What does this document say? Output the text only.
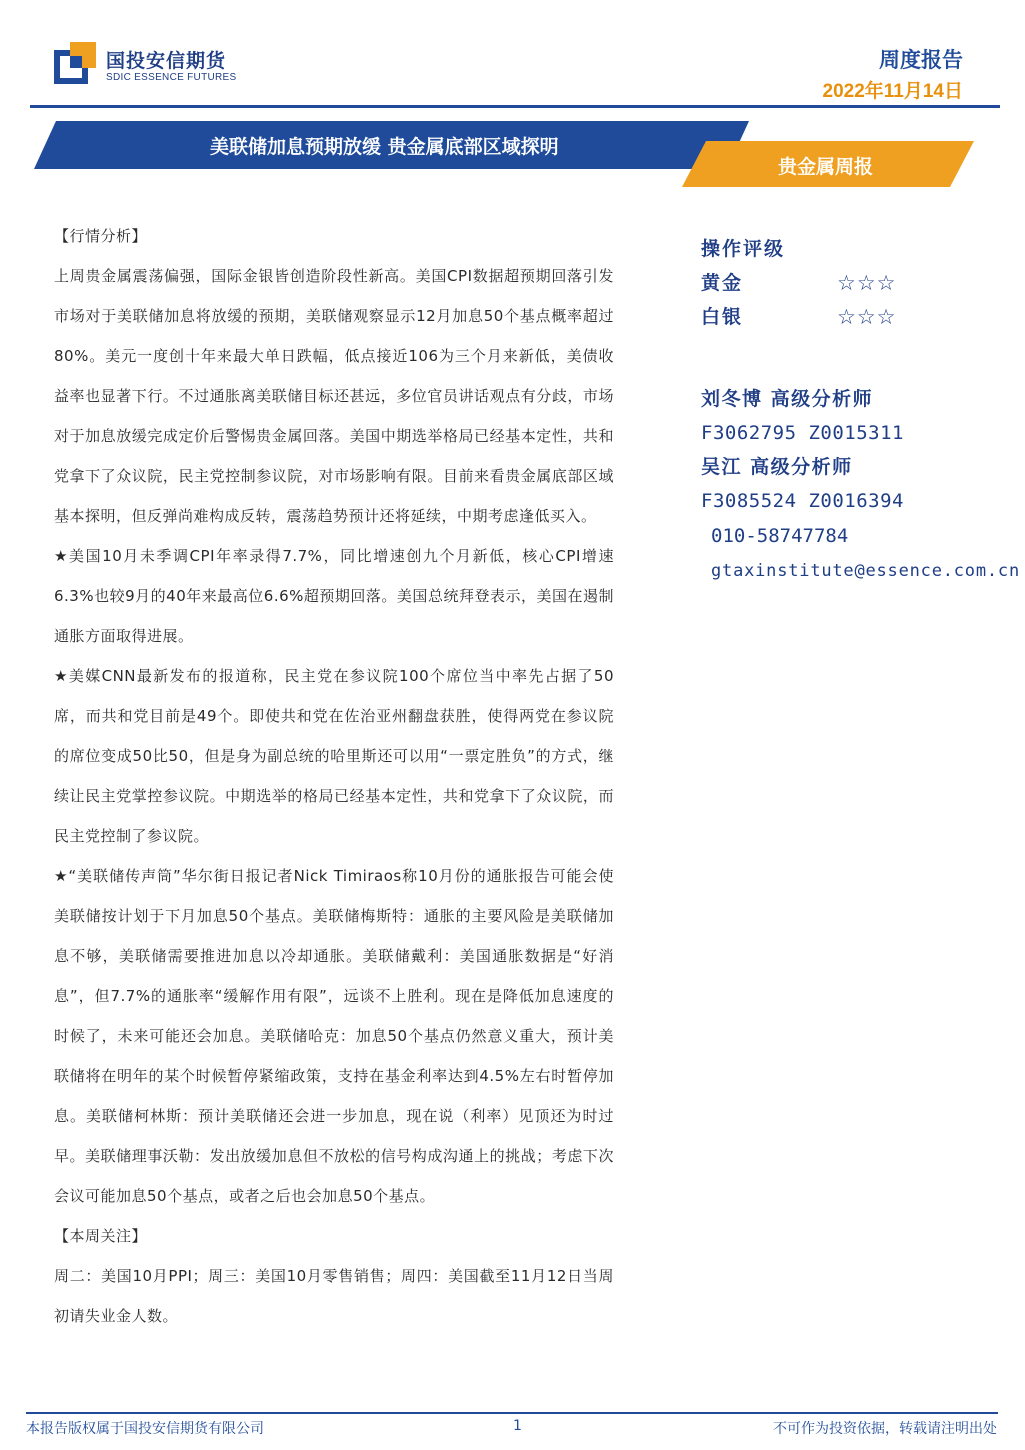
国投安信期货
SDIC ESSENCE FUTURES
周度报告
2022年11月14日
美联储加息预期放缓 贵金属底部区域探明
贵金属周报

【行情分析】

上周贵金属震荡偏强，国际金银皆创造阶段性新高。美国CPI数据超预期回落引发市场对于美联储加息将放缓的预期，美联储观察显示12月加息50个基点概率超过80%。美元一度创十年来最大单日跌幅，低点接近106为三个月来新低，美债收益率也显著下行。不过通胀离美联储目标还甚远，多位官员讲话观点有分歧，市场对于加息放缓完成定价后警惕贵金属回落。美国中期选举格局已经基本定性，共和党拿下了众议院，民主党控制参议院，对市场影响有限。目前来看贵金属底部区域基本探明，但反弹尚难构成反转，震荡趋势预计还将延续，中期考虑逢低买入。

★美国10月未季调CPI年率录得7.7%，同比增速创九个月新低，核心CPI增速6.3%也较9月的40年来最高位6.6%超预期回落。美国总统拜登表示，美国在遏制通胀方面取得进展。

★美媒CNN最新发布的报道称，民主党在参议院100个席位当中率先占据了50席，而共和党目前是49个。即使共和党在佐治亚州翻盘获胜，使得两党在参议院的席位变成50比50，但是身为副总统的哈里斯还可以用“一票定胜负”的方式，继续让民主党掌控参议院。中期选举的格局已经基本定性，共和党拿下了众议院，而民主党控制了参议院。

★“美联储传声筒”华尔街日报记者Nick Timiraos称10月份的通胀报告可能会使美联储按计划于下月加息50个基点。美联储梅斯特：通胀的主要风险是美联储加息不够，美联储需要推进加息以冷却通胀。美联储戴利：美国通胀数据是“好消息”，但7.7%的通胀率“缓解作用有限”，远谈不上胜利。现在是降低加息速度的时候了，未来可能还会加息。美联储哈克：加息50个基点仍然意义重大，预计美联储将在明年的某个时候暂停紧缩政策，支持在基金利率达到4.5%左右时暂停加息。美联储柯林斯：预计美联储还会进一步加息，现在说（利率）见顶还为时过早。美联储理事沃勒：发出放缓加息但不放松的信号构成沟通上的挑战；考虑下次会议可能加息50个基点，或者之后也会加息50个基点。

【本周关注】

周二：美国10月PPI；周三：美国10月零售销售；周四：美国截至11月12日当周初请失业金人数。

操作评级
黄金	☆☆☆
白银	☆☆☆
刘冬博 高级分析师
F3062795 Z0015311
吴江 高级分析师
F3085524 Z0016394
010-58747784
gtaxinstitute@essence.com.cn
本报告版权属于国投安信期货有限公司	1	不可作为投资依据，转载请注明出处
